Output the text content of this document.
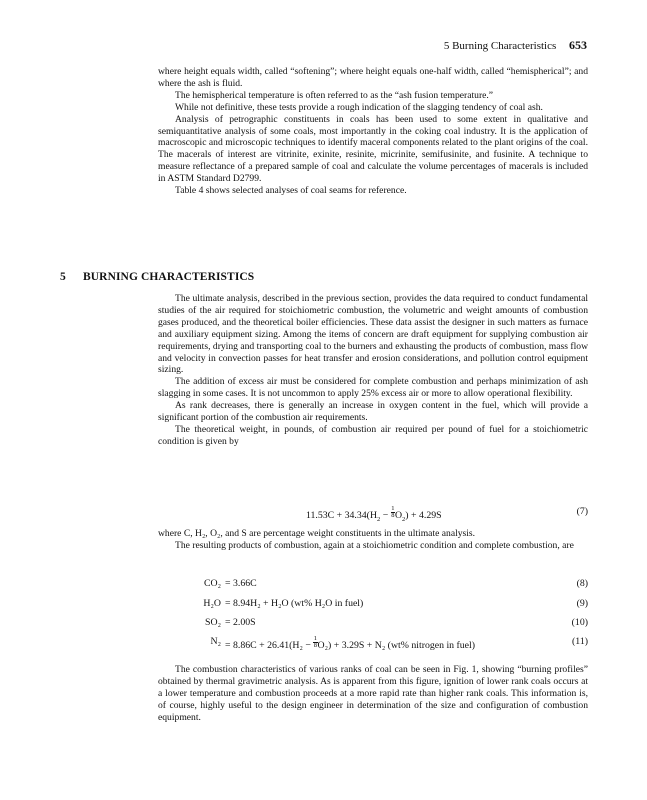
5 Burning Characteristics 653

where height equals width, called “softening”; where height equals one-half width, called “hemispherical”; and where the ash is fluid.

The hemispherical temperature is often referred to as the “ash fusion temperature.”

While not definitive, these tests provide a rough indication of the slagging tendency of coal ash.

Analysis of petrographic constituents in coals has been used to some extent in qualitative and semiquantitative analysis of some coals, most importantly in the coking coal industry. It is the application of macroscopic and microscopic techniques to identify maceral components related to the plant origins of the coal. The macerals of interest are vitrinite, exinite, resinite, micrinite, semifusinite, and fusinite. A technique to measure reflectance of a prepared sample of coal and calculate the volume percentages of macerals is included in ASTM Standard D2799.

Table 4 shows selected analyses of coal seams for reference.

5 BURNING CHARACTERISTICS

The ultimate analysis, described in the previous section, provides the data required to conduct fundamental studies of the air required for stoichiometric combustion, the volumetric and weight amounts of combustion gases produced, and the theoretical boiler efficiencies. These data assist the designer in such matters as furnace and auxiliary equipment sizing. Among the items of concern are draft equipment for supplying combustion air requirements, drying and transporting coal to the burners and exhausting the products of combustion, mass flow and velocity in convection passes for heat transfer and erosion considerations, and pollution control equipment sizing.

The addition of excess air must be considered for complete combustion and perhaps minimization of ash slagging in some cases. It is not uncommon to apply 25% excess air or more to allow operational flexibility.

As rank decreases, there is generally an increase in oxygen content in the fuel, which will provide a significant portion of the combustion air requirements.

The theoretical weight, in pounds, of combustion air required per pound of fuel for a stoichiometric condition is given by

$11.53C + 34.34(H_2 - \frac{1}{8} O_2) + 4.29S$	(7)

where C, H₂, O₂, and S are percentage weight constituents in the ultimate analysis.

The resulting products of combustion, again at a stoichiometric condition and complete combustion, are

CO₂ = 3.66C	(8)
H₂O = 8.94H₂ + H₂O (wt% H₂O in fuel)	(9)
SO₂ = 2.00S	(10)
$N_2 = 8.86C + 26.41(H_2 - \frac{1}{8} O_2) + 3.29S + N_2$ (wt% nitrogen in fuel)	(11)

The combustion characteristics of various ranks of coal can be seen in Fig. 1, showing “burning profiles” obtained by thermal gravimetric analysis. As is apparent from this figure, ignition of lower rank coals occurs at a lower temperature and combustion proceeds at a more rapid rate than higher rank coals. This information is, of course, highly useful to the design engineer in determination of the size and configuration of combustion equipment.
